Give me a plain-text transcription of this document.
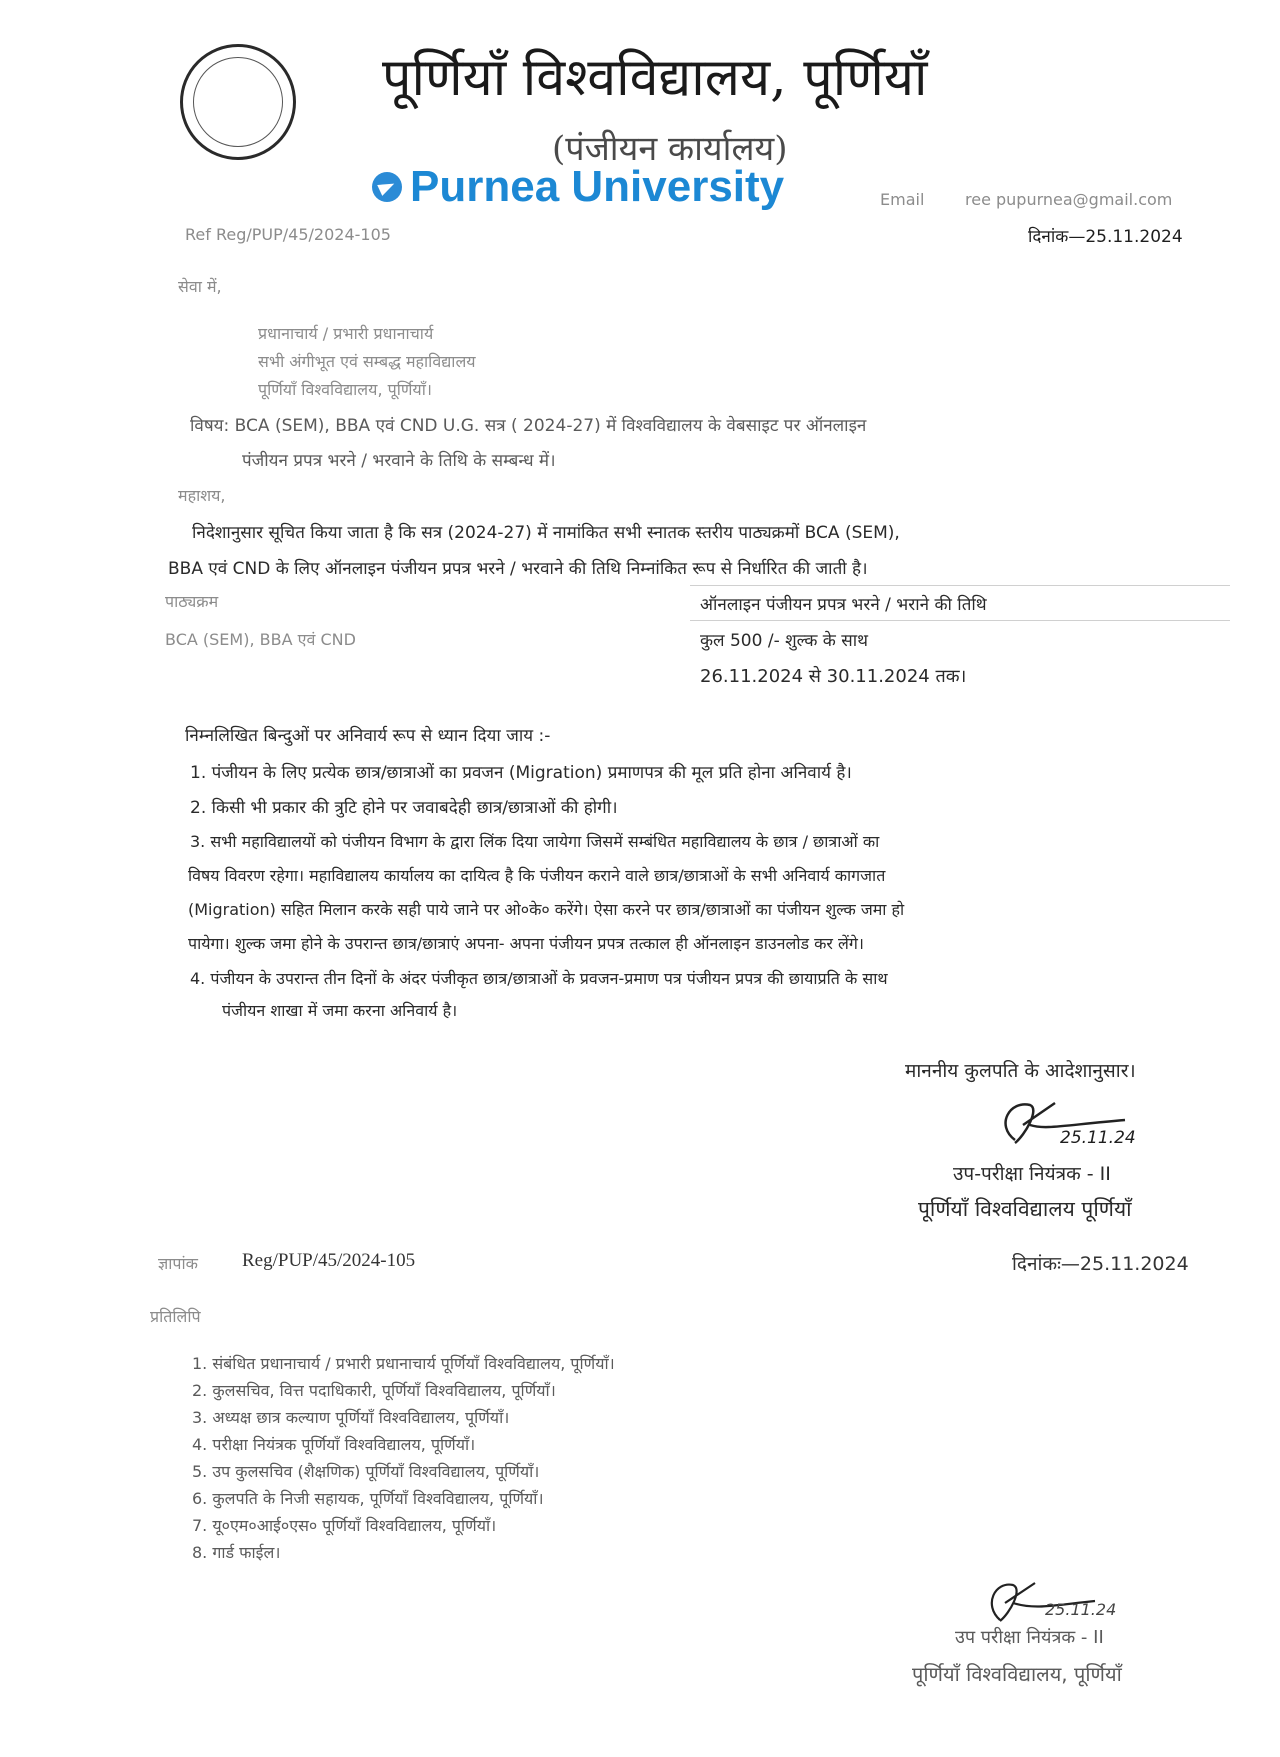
पूर्णियाँ विश्वविद्यालय, पूर्णियाँ
(पंजीयन कार्यालय)
Purnea University	Email	ree pupurnea@gmail.com
Ref Reg/PUP/45/2024-105	दिनांक—25.11.2024
सेवा में,
प्रधानाचार्य / प्रभारी प्रधानाचार्य
सभी अंगीभूत एवं सम्बद्ध महाविद्यालय
पूर्णियाँ विश्वविद्यालय, पूर्णियाँ।
विषय: BCA (SEM), BBA एवं CND U.G. सत्र ( 2024-27) में विश्वविद्यालय के वेबसाइट पर ऑनलाइन
पंजीयन प्रपत्र भरने / भरवाने के तिथि के सम्बन्ध में।
महाशय,
निदेशानुसार सूचित किया जाता है कि सत्र (2024-27) में नामांकित सभी स्नातक स्तरीय पाठ्यक्रमों BCA (SEM),
BBA एवं CND के लिए ऑनलाइन पंजीयन प्रपत्र भरने / भरवाने की तिथि निम्नांकित रूप से निर्धारित की जाती है।
पाठ्यक्रम	ऑनलाइन पंजीयन प्रपत्र भरने / भराने की तिथि
BCA (SEM), BBA एवं CND	कुल 500 /- शुल्क के साथ
26.11.2024 से 30.11.2024 तक।
निम्नलिखित बिन्दुओं पर अनिवार्य रूप से ध्यान दिया जाय :-
1. पंजीयन के लिए प्रत्येक छात्र/छात्राओं का प्रवजन (Migration) प्रमाणपत्र की मूल प्रति होना अनिवार्य है।
2. किसी भी प्रकार की त्रुटि होने पर जवाबदेही छात्र/छात्राओं की होगी।
3. सभी महाविद्यालयों को पंजीयन विभाग के द्वारा लिंक दिया जायेगा जिसमें सम्बंधित महाविद्यालय के छात्र / छात्राओं का
विषय विवरण रहेगा। महाविद्यालय कार्यालय का दायित्व है कि पंजीयन कराने वाले छात्र/छात्राओं के सभी अनिवार्य कागजात
(Migration) सहित मिलान करके सही पाये जाने पर ओ०के० करेंगे। ऐसा करने पर छात्र/छात्राओं का पंजीयन शुल्क जमा हो
पायेगा। शुल्क जमा होने के उपरान्त छात्र/छात्राएं अपना- अपना पंजीयन प्रपत्र तत्काल ही ऑनलाइन डाउनलोड कर लेंगे।
4. पंजीयन के उपरान्त तीन दिनों के अंदर पंजीकृत छात्र/छात्राओं के प्रवजन-प्रमाण पत्र पंजीयन प्रपत्र की छायाप्रति के साथ
पंजीयन शाखा में जमा करना अनिवार्य है।
माननीय कुलपति के आदेशानुसार।
25.11.24
उप-परीक्षा नियंत्रक - II
पूर्णियाँ विश्वविद्यालय पूर्णियाँ
ज्ञापांक Reg/PUP/45/2024-105	दिनांकः—25.11.2024
प्रतिलिपि
1. संबंधित प्रधानाचार्य / प्रभारी प्रधानाचार्य पूर्णियाँ विश्वविद्यालय, पूर्णियाँ।
2. कुलसचिव, वित्त पदाधिकारी, पूर्णियाँ विश्वविद्यालय, पूर्णियाँ।
3. अध्यक्ष छात्र कल्याण पूर्णियाँ विश्वविद्यालय, पूर्णियाँ।
4. परीक्षा नियंत्रक पूर्णियाँ विश्वविद्यालय, पूर्णियाँ।
5. उप कुलसचिव (शैक्षणिक) पूर्णियाँ विश्वविद्यालय, पूर्णियाँ।
6. कुलपति के निजी सहायक, पूर्णियाँ विश्वविद्यालय, पूर्णियाँ।
7. यू०एम०आई०एस० पूर्णियाँ विश्वविद्यालय, पूर्णियाँ।
8. गार्ड फाईल।
25.11.24
उप परीक्षा नियंत्रक - II
पूर्णियाँ विश्वविद्यालय, पूर्णियाँ
